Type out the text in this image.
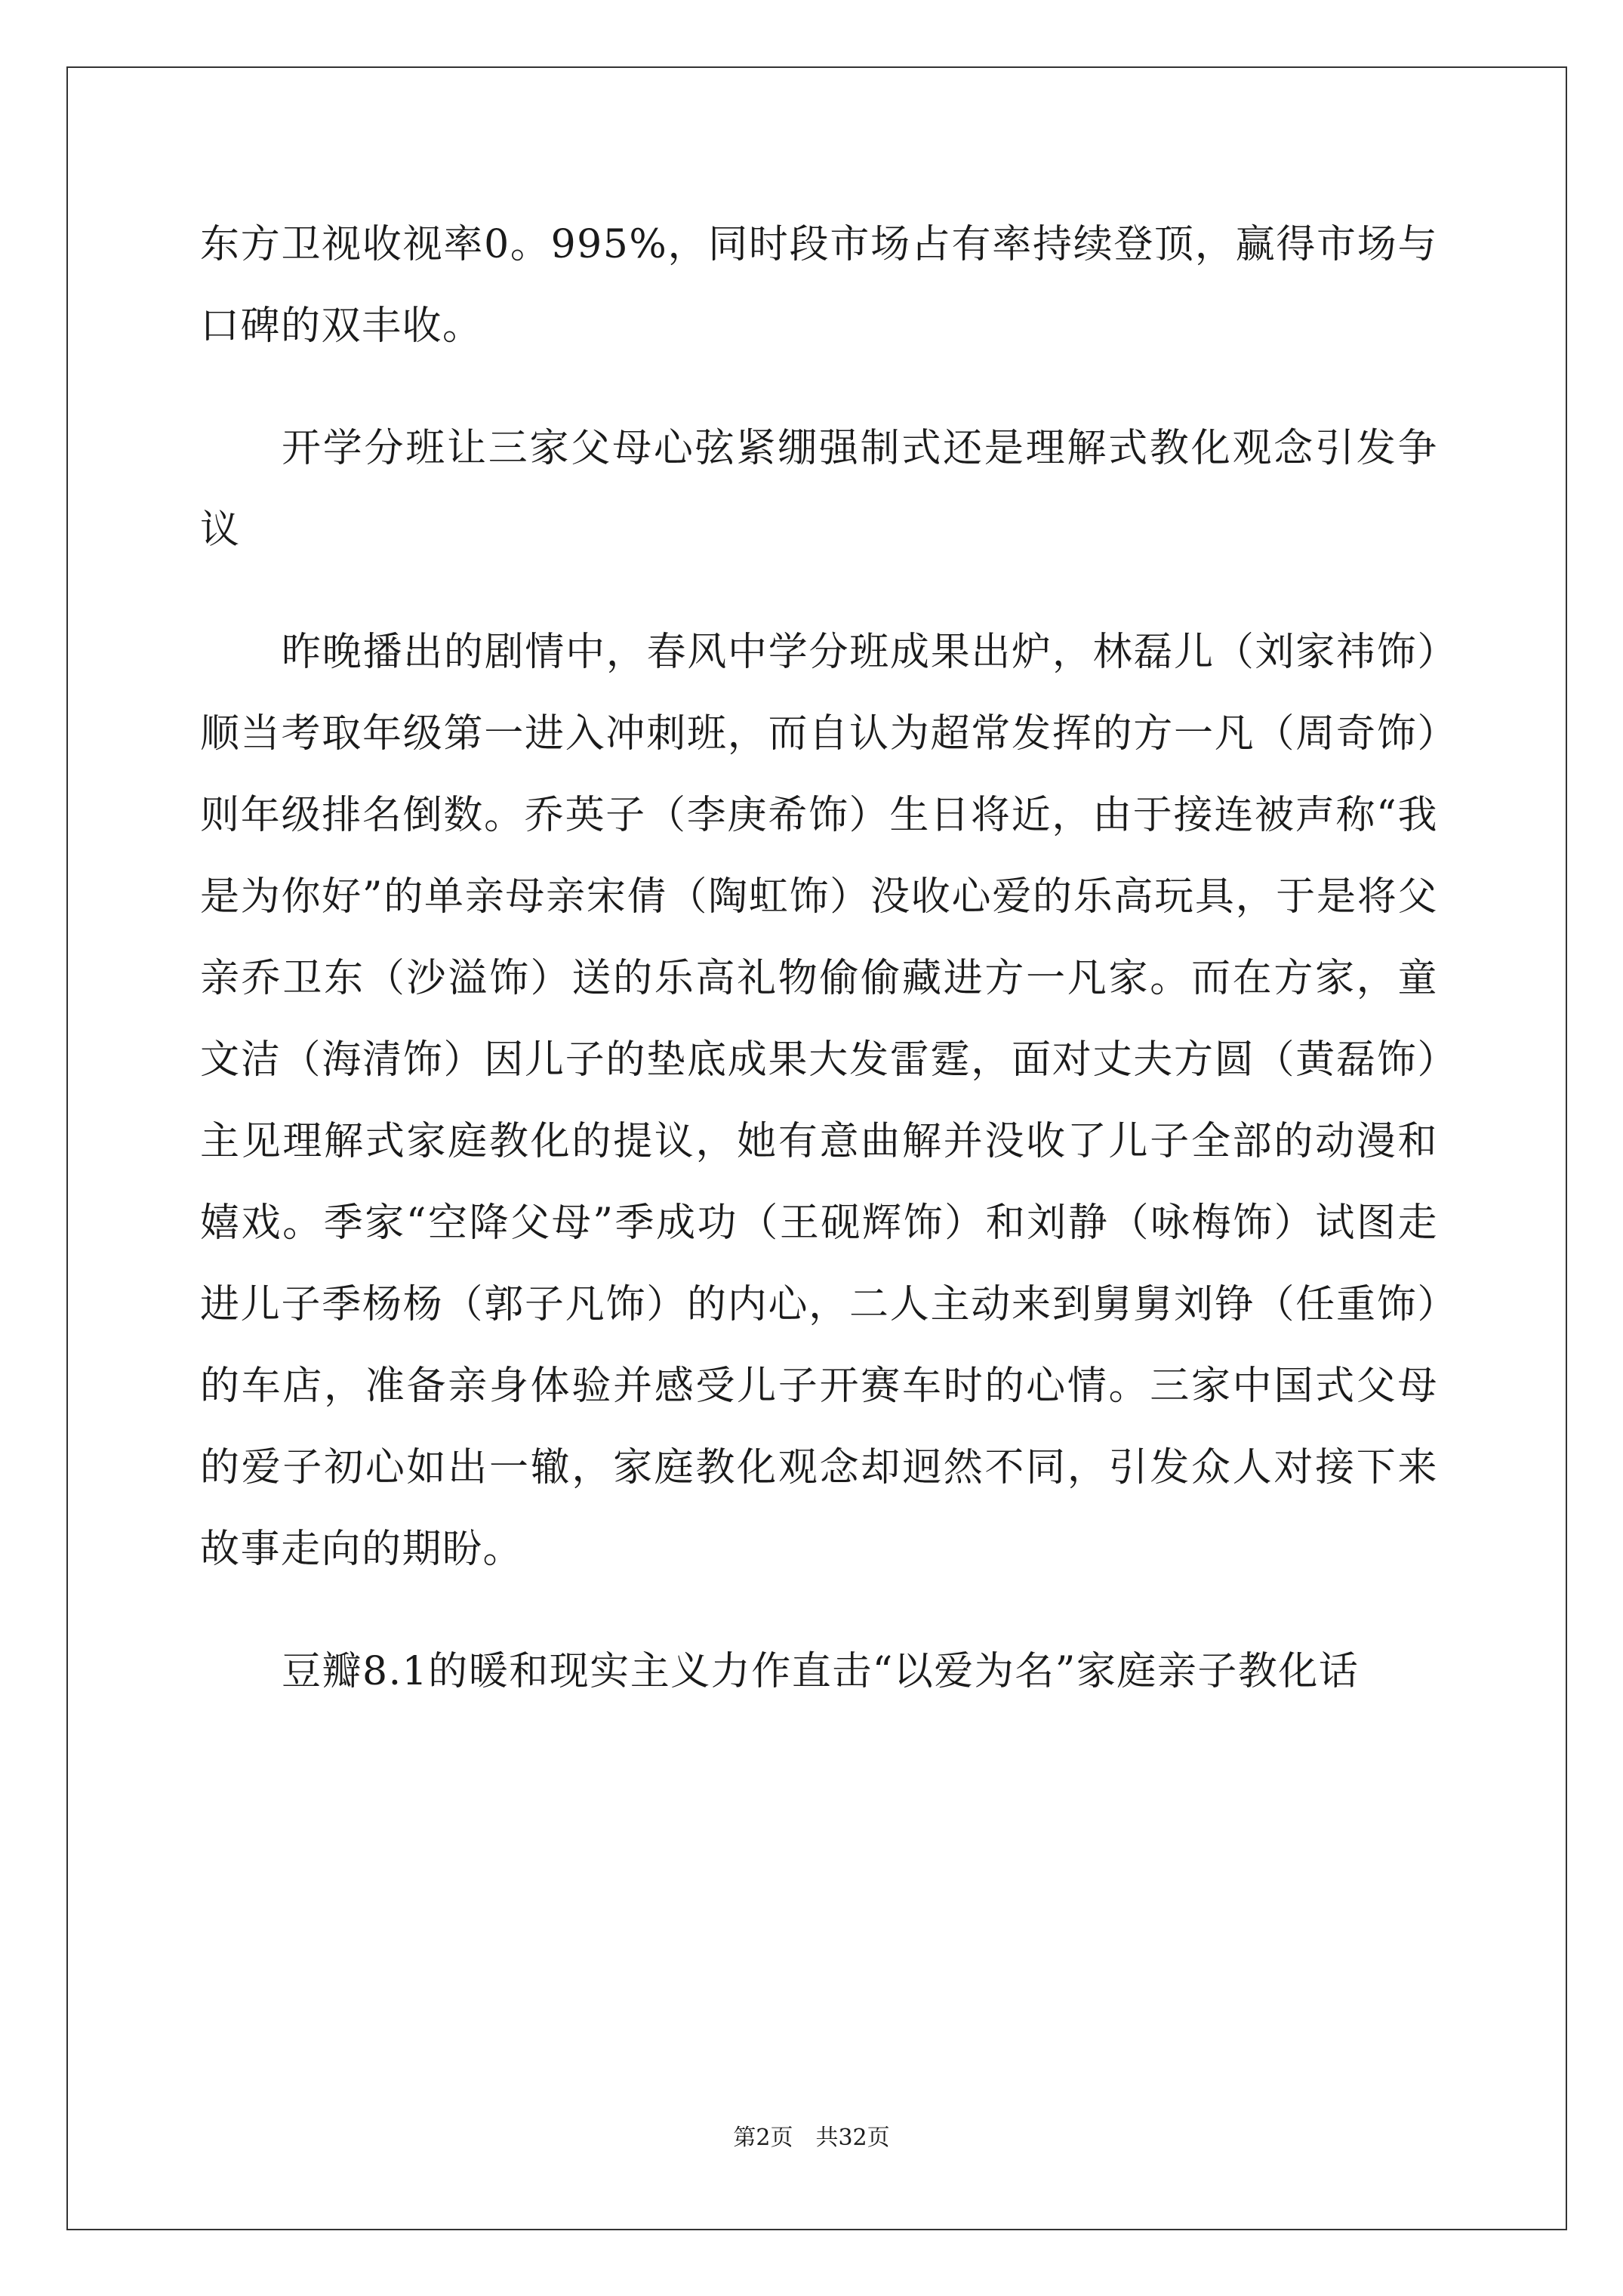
东方卫视收视率0。995%，同时段市场占有率持续登顶，赢得市场与口碑的双丰收。

开学分班让三家父母心弦紧绷强制式还是理解式教化观念引发争议

昨晚播出的剧情中，春风中学分班成果出炉，林磊儿（刘家祎饰）顺当考取年级第一进入冲刺班，而自认为超常发挥的方一凡（周奇饰）则年级排名倒数。乔英子（李庚希饰）生日将近，由于接连被声称“我是为你好”的单亲母亲宋倩（陶虹饰）没收心爱的乐高玩具，于是将父亲乔卫东（沙溢饰）送的乐高礼物偷偷藏进方一凡家。而在方家，童文洁（海清饰）因儿子的垫底成果大发雷霆，面对丈夫方圆（黄磊饰）主见理解式家庭教化的提议，她有意曲解并没收了儿子全部的动漫和嬉戏。季家“空降父母”季成功（王砚辉饰）和刘静（咏梅饰）试图走进儿子季杨杨（郭子凡饰）的内心，二人主动来到舅舅刘铮（任重饰）的车店，准备亲身体验并感受儿子开赛车时的心情。三家中国式父母的爱子初心如出一辙，家庭教化观念却迥然不同，引发众人对接下来故事走向的期盼。

豆瓣8.1的暖和现实主义力作直击“以爱为名”家庭亲子教化话

第2页 共32页
